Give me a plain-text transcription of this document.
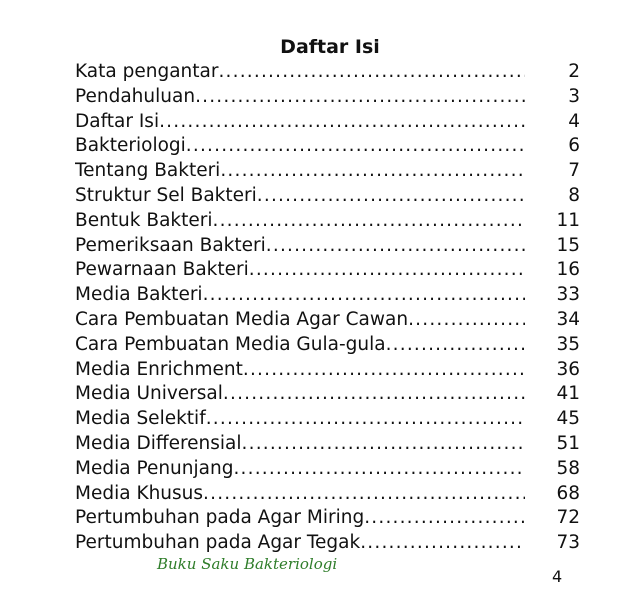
Daftar Isi
Kata pengantar .....	2
Pendahuluan .....	3
Daftar Isi .....	4
Bakteriologi .....	6
Tentang Bakteri .....	7
Struktur Sel Bakteri .....	8
Bentuk Bakteri .....	11
Pemeriksaan Bakteri .....	15
Pewarnaan Bakteri .....	16
Media Bakteri .....	33
Cara Pembuatan Media Agar Cawan .....	34
Cara Pembuatan Media Gula-gula .....	35
Media Enrichment .....	36
Media Universal .....	41
Media Selektif .....	45
Media Differensial .....	51
Media Penunjang .....	58
Media Khusus .....	68
Pertumbuhan pada Agar Miring .....	72
Pertumbuhan pada Agar Tegak .....	73
Buku Saku Bakteriologi
4
